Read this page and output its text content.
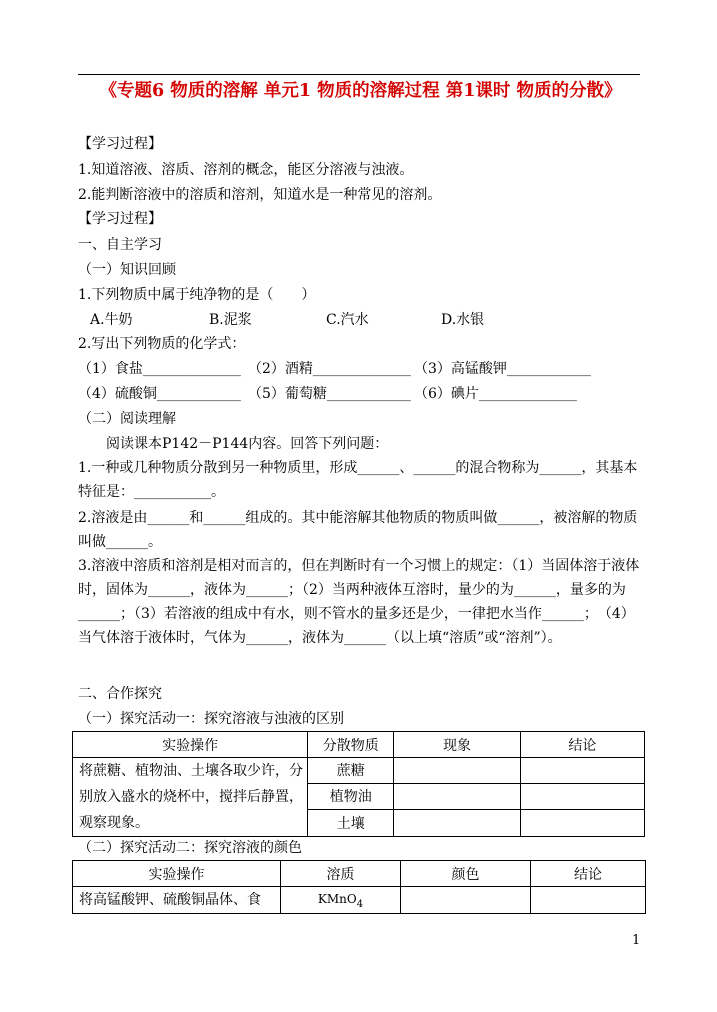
《专题6 物质的溶解 单元1 物质的溶解过程 第1课时 物质的分散》
【学习过程】
1.知道溶液、溶质、溶剂的概念，能区分溶液与浊液。
2.能判断溶液中的溶质和溶剂，知道水是一种常见的溶剂。
【学习过程】
一、自主学习
（一）知识回顾
1.下列物质中属于纯净物的是（　　）
A.牛奶	B.泥浆	C.汽水	D.水银
2.写出下列物质的化学式：
（1）食盐______________ （2）酒精______________ （3）高锰酸钾____________
（4）硫酸铜____________ （5）葡萄糖____________ （6）碘片______________
（二）阅读理解
　　阅读课本P142－P144内容。回答下列问题：
1.一种或几种物质分散到另一种物质里，形成______、______的混合物称为______，其基本特征是：___________。
2.溶液是由______和______组成的。其中能溶解其他物质的物质叫做______，被溶解的物质叫做______。
3.溶液中溶质和溶剂是相对而言的，但在判断时有一个习惯上的规定：（1）当固体溶于液体时，固体为______，液体为______；（2）当两种液体互溶时，量少的为______，量多的为______；（3）若溶液的组成中有水，则不管水的量多还是少，一律把水当作______；　（4）当气体溶于液体时，气体为______，液体为______（以上填“溶质”或“溶剂”）。
二、合作探究
（一）探究活动一：探究溶液与浊液的区别
实验操作	分散物质	现象	结论
将蔗糖、植物油、土壤各取少许，分别放入盛水的烧杯中，搅拌后静置，观察现象。	蔗糖		
	植物油		
	土壤		
（二）探究活动二：探究溶液的颜色
实验操作	溶质	颜色	结论
将高锰酸钾、硫酸铜晶体、食	KMnO$_4$		
1
